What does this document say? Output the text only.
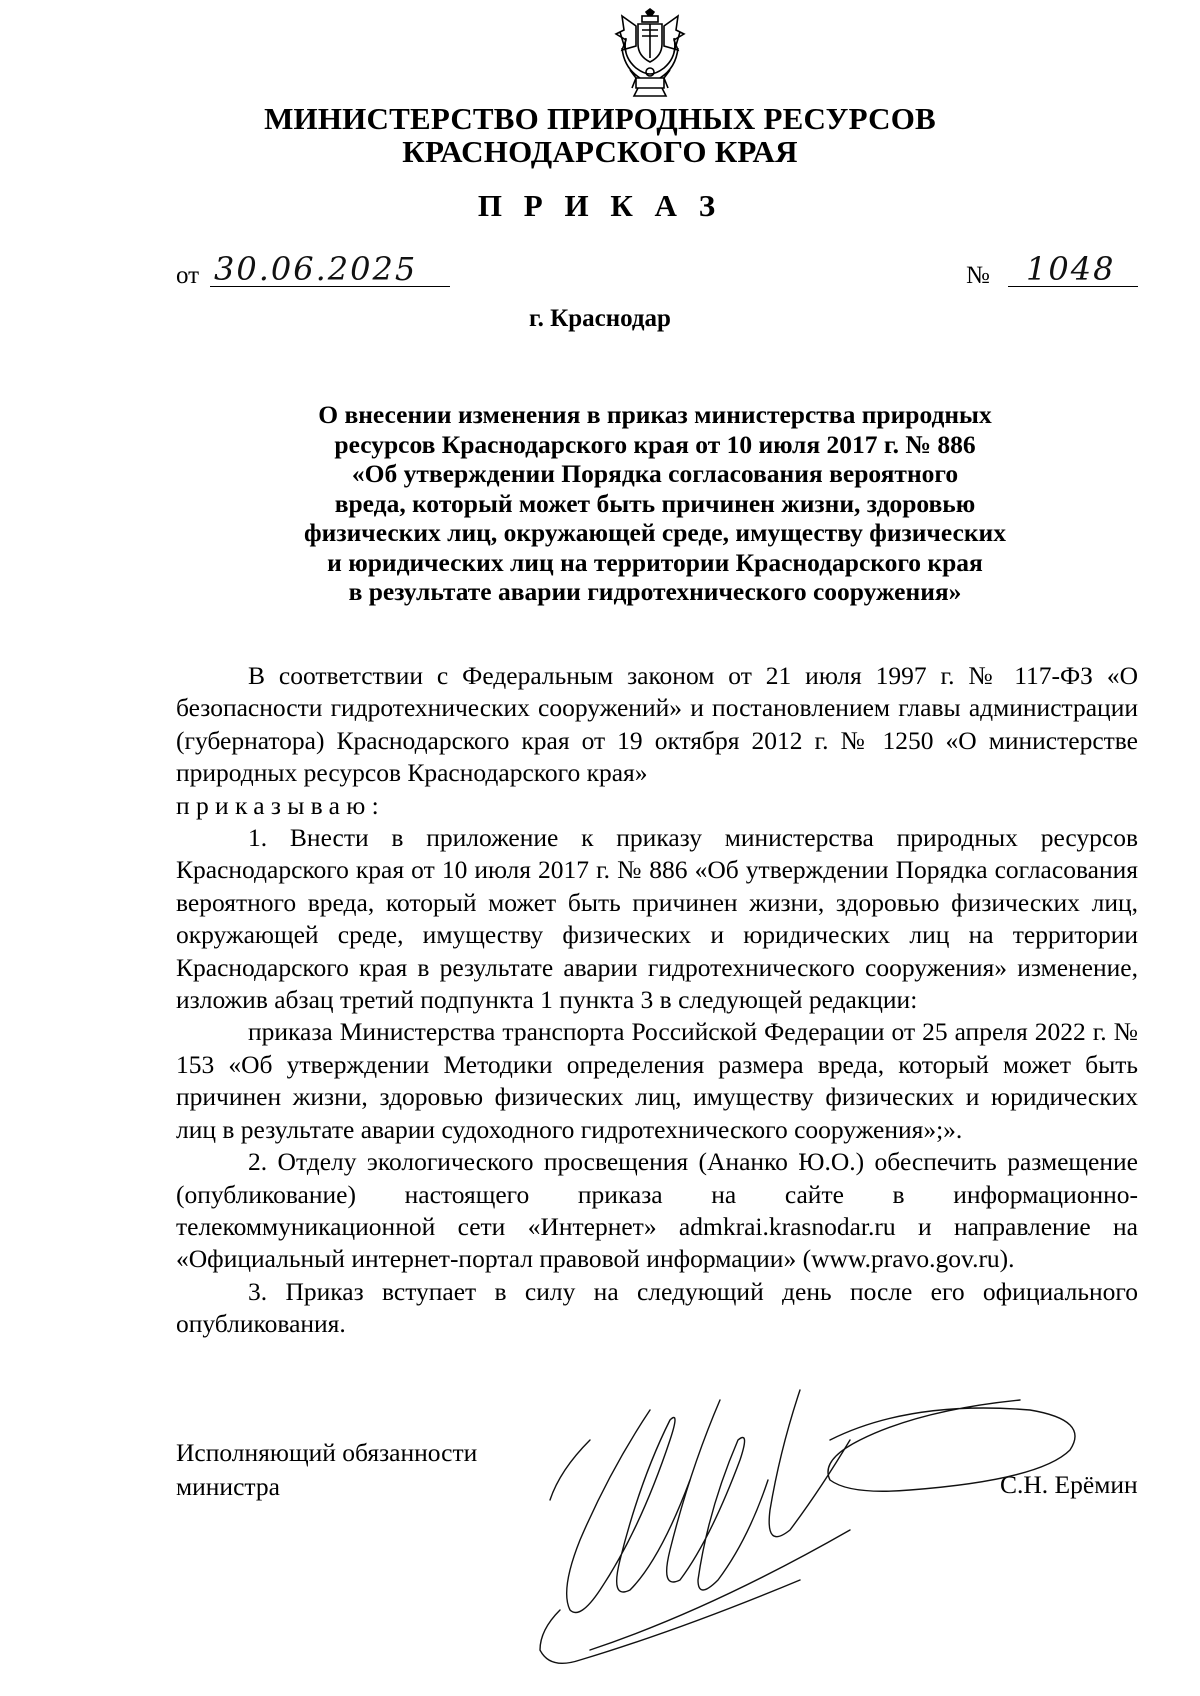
МИНИСТЕРСТВО ПРИРОДНЫХ РЕСУРСОВ
КРАСНОДАРСКОГО КРАЯ
П Р И К А З
от 30.06.2025	№ 1048
г. Краснодар
О внесении изменения в приказ министерства природных
ресурсов Краснодарского края от 10 июля 2017 г. № 886
«Об утверждении Порядка согласования вероятного
вреда, который может быть причинен жизни, здоровью
физических лиц, окружающей среде, имуществу физических
и юридических лиц на территории Краснодарского края
в результате аварии гидротехнического сооружения»

В соответствии с Федеральным законом от 21 июля 1997 г. № 117-ФЗ «О безопасности гидротехнических сооружений» и постановлением главы администрации (губернатора) Краснодарского края от 19 октября 2012 г. № 1250 «О министерстве природных ресурсов Краснодарского края»

приказываю:

1. Внести в приложение к приказу министерства природных ресурсов Краснодарского края от 10 июля 2017 г. № 886 «Об утверждении Порядка согласования вероятного вреда, который может быть причинен жизни, здоровью физических лиц, окружающей среде, имуществу физических и юридических лиц на территории Краснодарского края в результате аварии гидротехнического сооружения» изменение, изложив абзац третий подпункта 1 пункта 3 в следующей редакции:

приказа Министерства транспорта Российской Федерации от 25 апреля 2022 г. № 153 «Об утверждении Методики определения размера вреда, который может быть причинен жизни, здоровью физических лиц, имуществу физических и юридических лиц в результате аварии судоходного гидротехнического сооружения»;».

2. Отделу экологического просвещения (Ананко Ю.О.) обеспечить размещение (опубликование) настоящего приказа на сайте в информационно-телекоммуникационной сети «Интернет» admkrai.krasnodar.ru и направление на «Официальный интернет-портал правовой информации» (www.pravo.gov.ru).

3. Приказ вступает в силу на следующий день после его официального опубликования.

Исполняющий обязанности
министра	С.Н. Ерёмин
